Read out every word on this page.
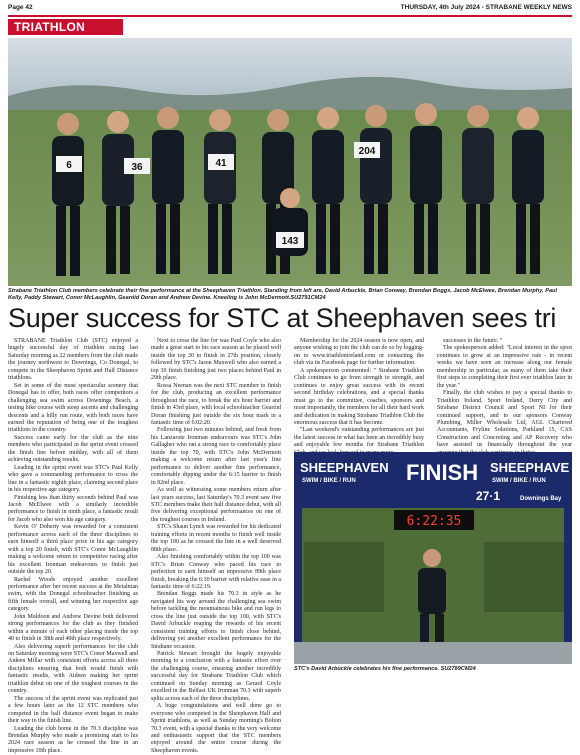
Page 42	THURSDAY, 4th July 2024 - STRABANE WEEKLY NEWS
TRIATHLON
6	36	41
204
143
Strabane Triathlon Club members celebrate their fine performance at the Sheephaven Triathlon. Standing from left are, David Arbuckle, Brian Conway, Brendan Boggs, Jacob McElwee, Brendan Murphy, Paul Kelly, Paddy Stewart, Conor McLaughlin, Gearóid Doran and Andrew Devine. Kneeling is John McDermott.SU2791CM24
Super success for STC at Sheephaven sees tri

STRABANE Triathlon Club (STC) enjoyed a hugely successful day of triathlon racing last Saturday morning as 22 members from the club made the journey northwest to Downings, Co Donegal, to compete in the Sheephaven Sprint and Half Distance triathlons.

Set in some of the most spectacular scenery that Donegal has to offer, both races offer competitors a challenging sea swim across Downings Beach, a testing bike course with steep ascents and challenging descents and a hilly run route, with both races have earned the reputation of being one of the toughest triathlons in the country.

Success came early for the club as the nine members who participated in the sprint event crossed the finish line before midday, with all of them achieving outstanding results.

Leading in the sprint event was STC's Paul Kelly who gave a commanding performance to cross the line in a fantastic eighth place, claiming second place in his respective age category.

Finishing less than thirty seconds behind Paul was Jacob McElwee with a similarly incredible performance to finish in ninth place, a fantastic result for Jacob who also won his age category.

Kevin O' Doherty was rewarded for a consistent performance across each of the three disciplines to earn himself a third place prize in his age category with a top 20 finish, with STC's Conor McLaughlin making a welcome return to competitive racing after his excellent Ironman endeavours to finish just outside the top 20.

Rachel Woods enjoyed another excellent performance after her recent success at the Metalman swim, with the Donegal schoolteacher finishing as fifth female overall, and winning her respective age category.

John Muldoon and Andrew Devine both delivered strong performances for the club as they finished within a minute of each other placing inside the top 40 to finish in 38th and 40th place respectively.

Also delivering superb performances for the club on Saturday morning were STC's Conor Maxwell and Aideen Millar with consistent efforts across all three disciplines ensuring that both would finish with fantastic results, with Aideen making her sprint triathlon debut on one of the toughest courses in the country.

The success of the sprint event was replicated just a few hours later as the 12 STC members who competed in the half distance event began to make their way to the finish line.

Leading the club home in the 70.3 discipline was Brendan Murphy who made a promising start to his 2024 race season as he crossed the line in an impressive 10th place.

Next to cross the line for was Paul Coyle who also made a great start to his race season as he placed well inside the top 30 to finish in 27th position, closely followed by STC's Jason Maxwell who also earned a top 30 finish finishing just two places behind Paul in 29th place.

Rossa Neenan was the next STC member to finish for the club, producing an excellent performance throughout the race, to break the six hour barrier and finish in 43rd place, with local schoolteacher Gearóid Doran finishing just outside the six hour mark in a fantastic time of 6:02:20.

Following just two minutes behind, and fresh from his Lanzarote Ironman endeavours was STC's John Gallagher who ran a strong race to comfortably place inside the top 70, with STC's John McDermott making a welcome return after last year's fine performance to deliver another fine performance, comfortably dipping under the 6:15 barrier to finish in 82nd place.

As well as witnessing some members return after last years success, last Saturday's 70.3 event saw five STC members make their half distance debut, with all five delivering exceptional performances on one of the toughest courses in Ireland.

STC's Shaun Lynch was rewarded for his dedicated training efforts in recent months to finish well inside the top 100 as he crossed the line in a well deserved 88th place.

Also finishing comfortably within the top 100 was STC's Brian Conway who paced his race to perfection to earn himself an impressive 89th place finish, breaking the 6:30 barrier with relative ease in a fantastic time of 6:22:19.

Brendan Boggs made his 70.3 in style as he navigated his way around the challenging sea swim before tackling the mountainous bike and run legs to cross the line just outside the top 100, with STC's David Arbuckle reaping the rewards of his recent consistent training efforts to finish close behind, delivering yet another excellent performance for the Strabane occasion.

Patrick Stewart brought the hugely enjoyable morning to a conclusion with a fantastic effort over the challenging course, ensuring another incredibly successful day for Strabane Triathlon Club which continued on Sunday morning as Gerard Coyle excelled in the Belfast UK Ironman 70.3 with superb splits across each of the three disciplines.

A huge congratulations and well done go to everyone who competed in the Sheephaven Half and Sprint triathlons, as well as Sunday morning's Bolton 70.3 event, with a special thanks to the very welcome and enthusiastic support that the STC members enjoyed around the entire course during the Sheephaven events.

Membership for the 2024 season is now open, and anyone wishing to join the club can do so by logging-on to www.triathlonireland.com or contacting the club via its Facebook page for further information.

A spokesperson commented: " Strabane Triathlon Club continues to go from strength to strength, and continues to enjoy great success with its recent second birthday celebrations, and a special thanks must go to the committee, coaches, sponsors and most importantly, the members for all their hard work and dedication in making Strabane Triathlon Club the enormous success that it has become.

"Last weekend's outstanding performances are just the latest success in what has been an incredibly busy and enjoyable few months for Strabane Triathlon

successes in the future. "

The spokesperson added: "Local interest in the sport continues to grow at an impressive rate - in recent weeks we have seen an increase along our female membership in particular, as many of them take their first steps to completing their first ever triathlon later in the year."

Finally, the club wishes to pay a special thanks to Triathlon Ireland, Sport Ireland, Derry City and Strabane District Council and Sport NI for their continued support, and to our sponsors Conway Plumbing, Miller Wholesale Ltd, AGL Chartered Accountants, Fryline Solutions, Parkland 15, CAS Construction and Concreting and AP Recovery who have assisted us financially throughout the year

SHEEPHAVEN
SWIM / BIKE / RUN FINISH SHEEPHAVE
SWIM / BIKE / RUN
27·1	Downings Bay
6:22:35
STC's David Arbuckle celebrates his fine performance. SU2789CM24
